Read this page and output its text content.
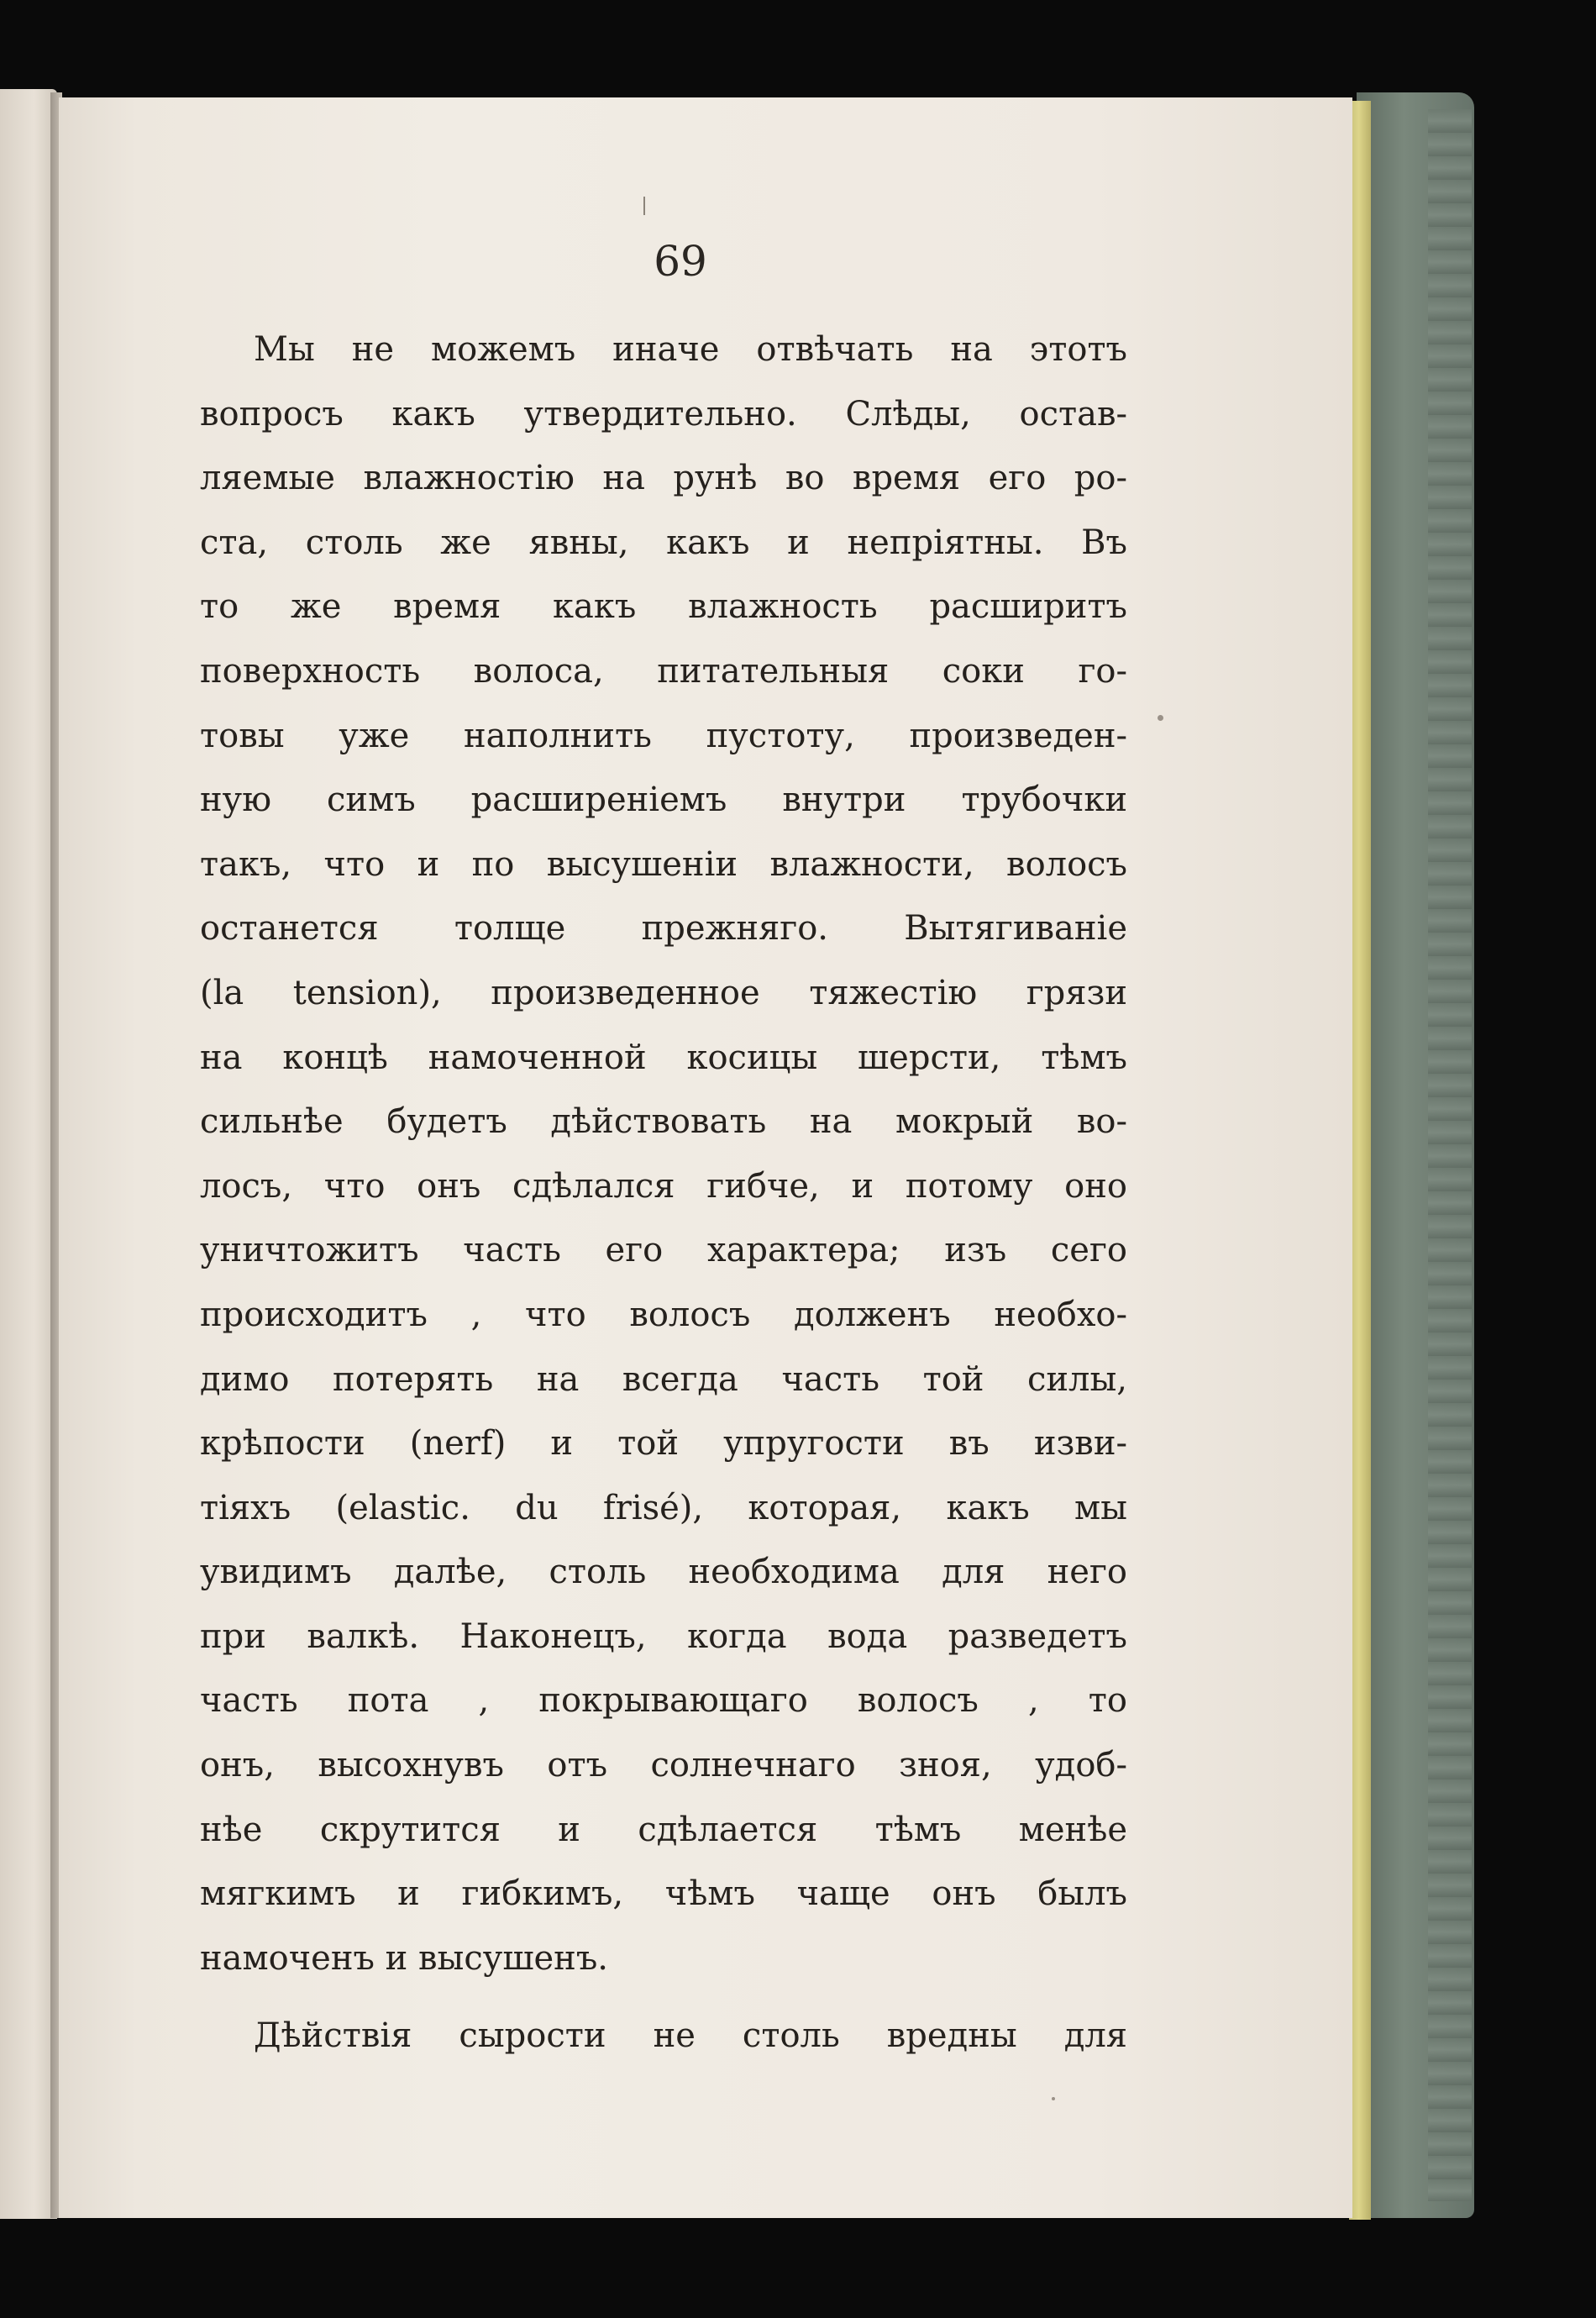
69

Мы не можемъ иначе отвѣчать на этотъ
вопросъ какъ утвердительно. Слѣды, остав-
ляемые влажностію на рунѣ во время его ро-
ста, столь же явны, какъ и непріятны. Въ
то же время какъ влажность расширитъ
поверхность волоса, питательныя соки го-
товы уже наполнить пустоту, произведен-
ную симъ расширеніемъ внутри трубочки
такъ, что и по высушеніи влажности, волосъ
останется толще прежняго. Вытягиваніе
(la tension), произведенное тяжестію грязи
на концѣ намоченной косицы шерсти, тѣмъ
сильнѣе будетъ дѣйствовать на мокрый во-
лосъ, что онъ сдѣлался гибче, и потому оно
уничтожитъ часть его характера; изъ сего
происходитъ , что волосъ долженъ необхо-
димо потерять на всегда часть той силы,
крѣпости (nerf) и той упругости въ изви-
тіяхъ (elastic. du frisé), которая, какъ мы
увидимъ далѣе, столь необходима для него
при валкѣ. Наконецъ, когда вода разведетъ
часть пота , покрывающаго волосъ , то
онъ, высохнувъ отъ солнечнаго зноя, удоб-
нѣе скрутится и сдѣлается тѣмъ менѣе
мягкимъ и гибкимъ, чѣмъ чаще онъ былъ
намоченъ и высушенъ.
Дѣйствія сырости не столь вредны для
